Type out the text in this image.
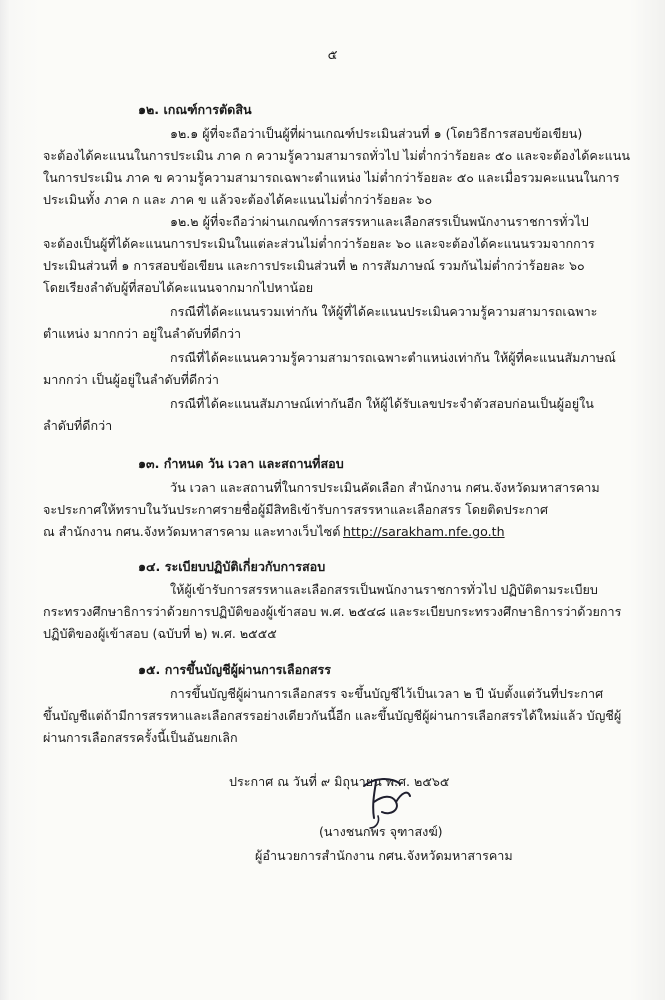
๕
๑๒. เกณฑ์การตัดสิน
๑๒.๑ ผู้ที่จะถือว่าเป็นผู้ที่ผ่านเกณฑ์ประเมินส่วนที่ ๑ (โดยวิธีการสอบข้อเขียน)
จะต้องได้คะแนนในการประเมิน ภาค ก ความรู้ความสามารถทั่วไป ไม่ต่ำกว่าร้อยละ ๕๐ และจะต้องได้คะแนน
ในการประเมิน ภาค ข ความรู้ความสามารถเฉพาะตำแหน่ง ไม่ต่ำกว่าร้อยละ ๕๐ และเมื่อรวมคะแนนในการ
ประเมินทั้ง ภาค ก และ ภาค ข แล้วจะต้องได้คะแนนไม่ต่ำกว่าร้อยละ ๖๐
๑๒.๒ ผู้ที่จะถือว่าผ่านเกณฑ์การสรรหาและเลือกสรรเป็นพนักงานราชการทั่วไป
จะต้องเป็นผู้ที่ได้คะแนนการประเมินในแต่ละส่วนไม่ต่ำกว่าร้อยละ ๖๐ และจะต้องได้คะแนนรวมจากการ
ประเมินส่วนที่ ๑ การสอบข้อเขียน และการประเมินส่วนที่ ๒ การสัมภาษณ์ รวมกันไม่ต่ำกว่าร้อยละ ๖๐
โดยเรียงลำดับผู้ที่สอบได้คะแนนจากมากไปหาน้อย
กรณีที่ได้คะแนนรวมเท่ากัน ให้ผู้ที่ได้คะแนนประเมินความรู้ความสามารถเฉพาะ
ตำแหน่ง มากกว่า อยู่ในลำดับที่ดีกว่า
กรณีที่ได้คะแนนความรู้ความสามารถเฉพาะตำแหน่งเท่ากัน ให้ผู้ที่คะแนนสัมภาษณ์
มากกว่า เป็นผู้อยู่ในลำดับที่ดีกว่า
กรณีที่ได้คะแนนสัมภาษณ์เท่ากันอีก ให้ผู้ได้รับเลขประจำตัวสอบก่อนเป็นผู้อยู่ใน
ลำดับที่ดีกว่า
๑๓. กำหนด วัน เวลา และสถานที่สอบ
วัน เวลา และสถานที่ในการประเมินคัดเลือก สำนักงาน กศน.จังหวัดมหาสารคาม
จะประกาศให้ทราบในวันประกาศรายชื่อผู้มีสิทธิเข้ารับการสรรหาและเลือกสรร โดยติดประกาศ
ณ สำนักงาน กศน.จังหวัดมหาสารคาม และทางเว็บไซต์ http://sarakham.nfe.go.th
๑๔. ระเบียบปฏิบัติเกี่ยวกับการสอบ
ให้ผู้เข้ารับการสรรหาและเลือกสรรเป็นพนักงานราชการทั่วไป ปฏิบัติตามระเบียบ
กระทรวงศึกษาธิการว่าด้วยการปฏิบัติของผู้เข้าสอบ พ.ศ. ๒๕๔๘ และระเบียบกระทรวงศึกษาธิการว่าด้วยการ
ปฏิบัติของผู้เข้าสอบ (ฉบับที่ ๒) พ.ศ. ๒๕๕๕
๑๕. การขึ้นบัญชีผู้ผ่านการเลือกสรร
การขึ้นบัญชีผู้ผ่านการเลือกสรร จะขึ้นบัญชีไว้เป็นเวลา ๒ ปี นับตั้งแต่วันที่ประกาศ
ขึ้นบัญชีแต่ถ้ามีการสรรหาและเลือกสรรอย่างเดียวกันนี้อีก และขึ้นบัญชีผู้ผ่านการเลือกสรรได้ใหม่แล้ว บัญชีผู้
ผ่านการเลือกสรรครั้งนี้เป็นอันยกเลิก
ประกาศ ณ วันที่ ๙ มิถุนายน พ.ศ. ๒๕๖๕
(นางชนกพร จุฑาสงฆ์)
ผู้อำนวยการสำนักงาน กศน.จังหวัดมหาสารคาม
